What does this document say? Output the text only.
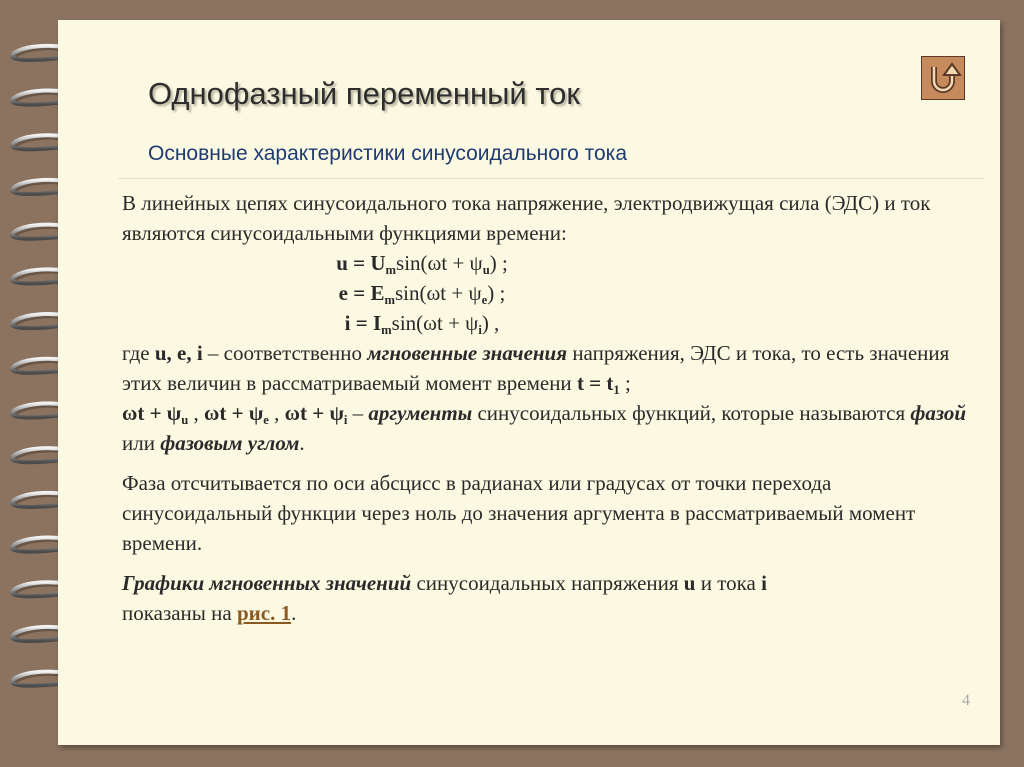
Однофазный переменный ток
Основные характеристики синусоидального тока

В линейных цепях синусоидального тока напряжение, электродвижущая сила (ЭДС) и ток являются синусоидальными функциями времени:

$u = U_m\sin(\omega t + \psi_u)$ ;

$e = E_m\sin(\omega t + \psi_e)$ ;

$i = I_m\sin(\omega t + \psi_i)$ ,

где u, e, i – соответственно мгновенные значения напряжения, ЭДС и тока, то есть значения этих величин в рассматриваемый момент времени $t = t_1$ ;
$\omega t + \psi_u$ , $\omega t + \psi_e$ , $\omega t + \psi_i$ – аргументы синусоидальных функций, которые называются фазой или фазовым углом.

Фаза отсчитывается по оси абсцисс в радианах или градусах от точки перехода синусоидальный функции через ноль до значения аргумента в рассматриваемый момент времени.

Графики мгновенных значений синусоидальных напряжения u и тока i
показаны на рис. 1.

4
